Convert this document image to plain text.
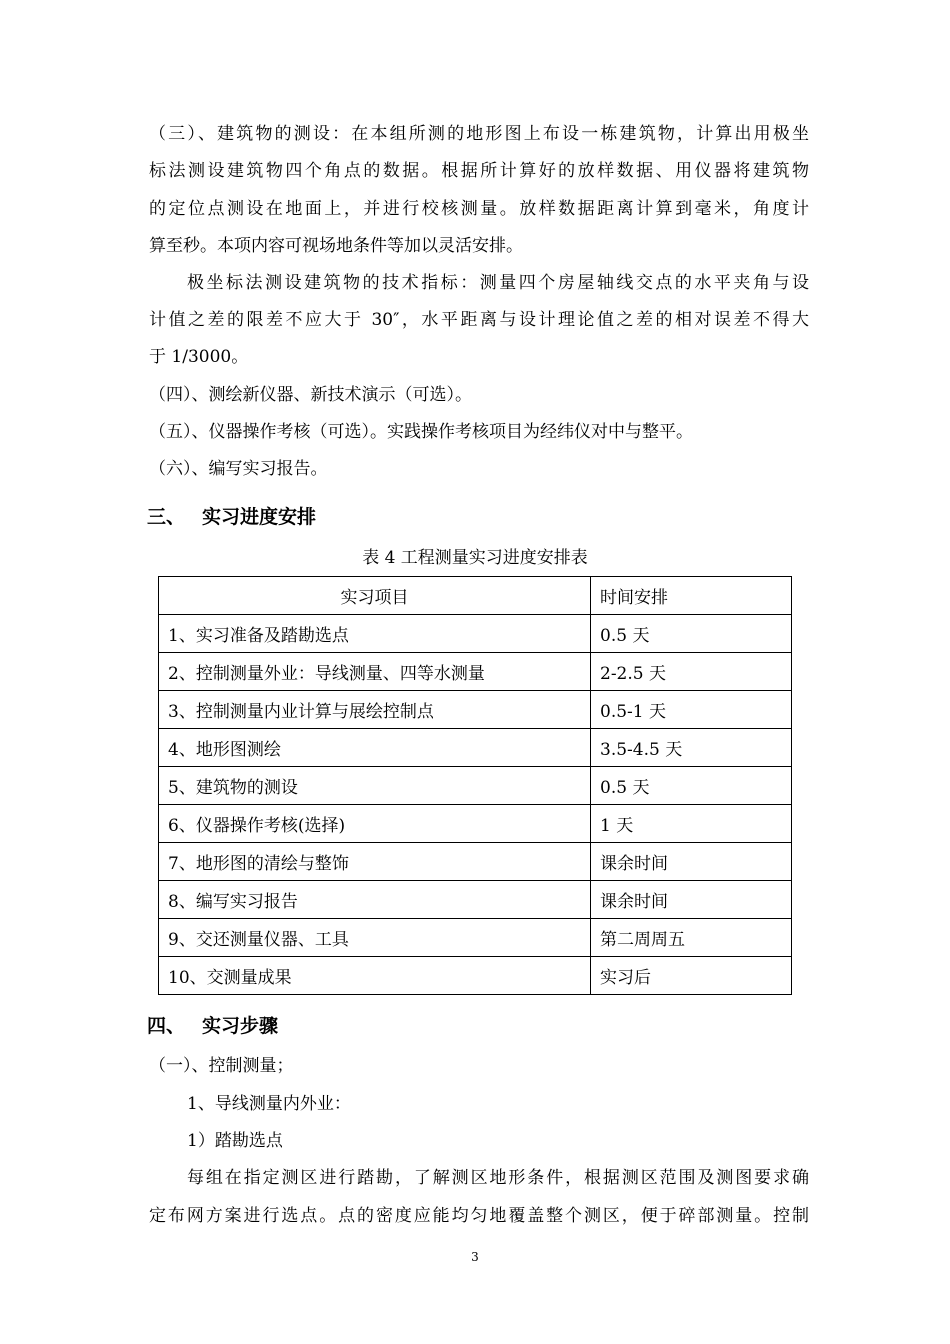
（三）、建筑物的测设：在本组所测的地形图上布设一栋建筑物，计算出用极坐
标法测设建筑物四个角点的数据。根据所计算好的放样数据、用仪器将建筑物
的定位点测设在地面上，并进行校核测量。放样数据距离计算到毫米，角度计
算至秒。本项内容可视场地条件等加以灵活安排。
极坐标法测设建筑物的技术指标：测量四个房屋轴线交点的水平夹角与设
计值之差的限差不应大于 30″，水平距离与设计理论值之差的相对误差不得大
于 1/3000。
（四）、测绘新仪器、新技术演示（可选）。
（五）、仪器操作考核（可选）。实践操作考核项目为经纬仪对中与整平。
（六）、编写实习报告。
三、 实习进度安排
表 4 工程测量实习进度安排表
实习项目	时间安排
1、实习准备及踏勘选点	0.5 天
2、控制测量外业：导线测量、四等水测量	2-2.5 天
3、控制测量内业计算与展绘控制点	0.5-1 天
4、地形图测绘	3.5-4.5 天
5、建筑物的测设	0.5 天
6、仪器操作考核(选择)	1 天
7、地形图的清绘与整饰	课余时间
8、编写实习报告	课余时间
9、交还测量仪器、工具	第二周周五
10、交测量成果	实习后
四、 实习步骤
（一）、控制测量；
1、导线测量内外业：
1）踏勘选点
每组在指定测区进行踏勘，了解测区地形条件，根据测区范围及测图要求确
定布网方案进行选点。点的密度应能均匀地覆盖整个测区，便于碎部测量。控制
3
